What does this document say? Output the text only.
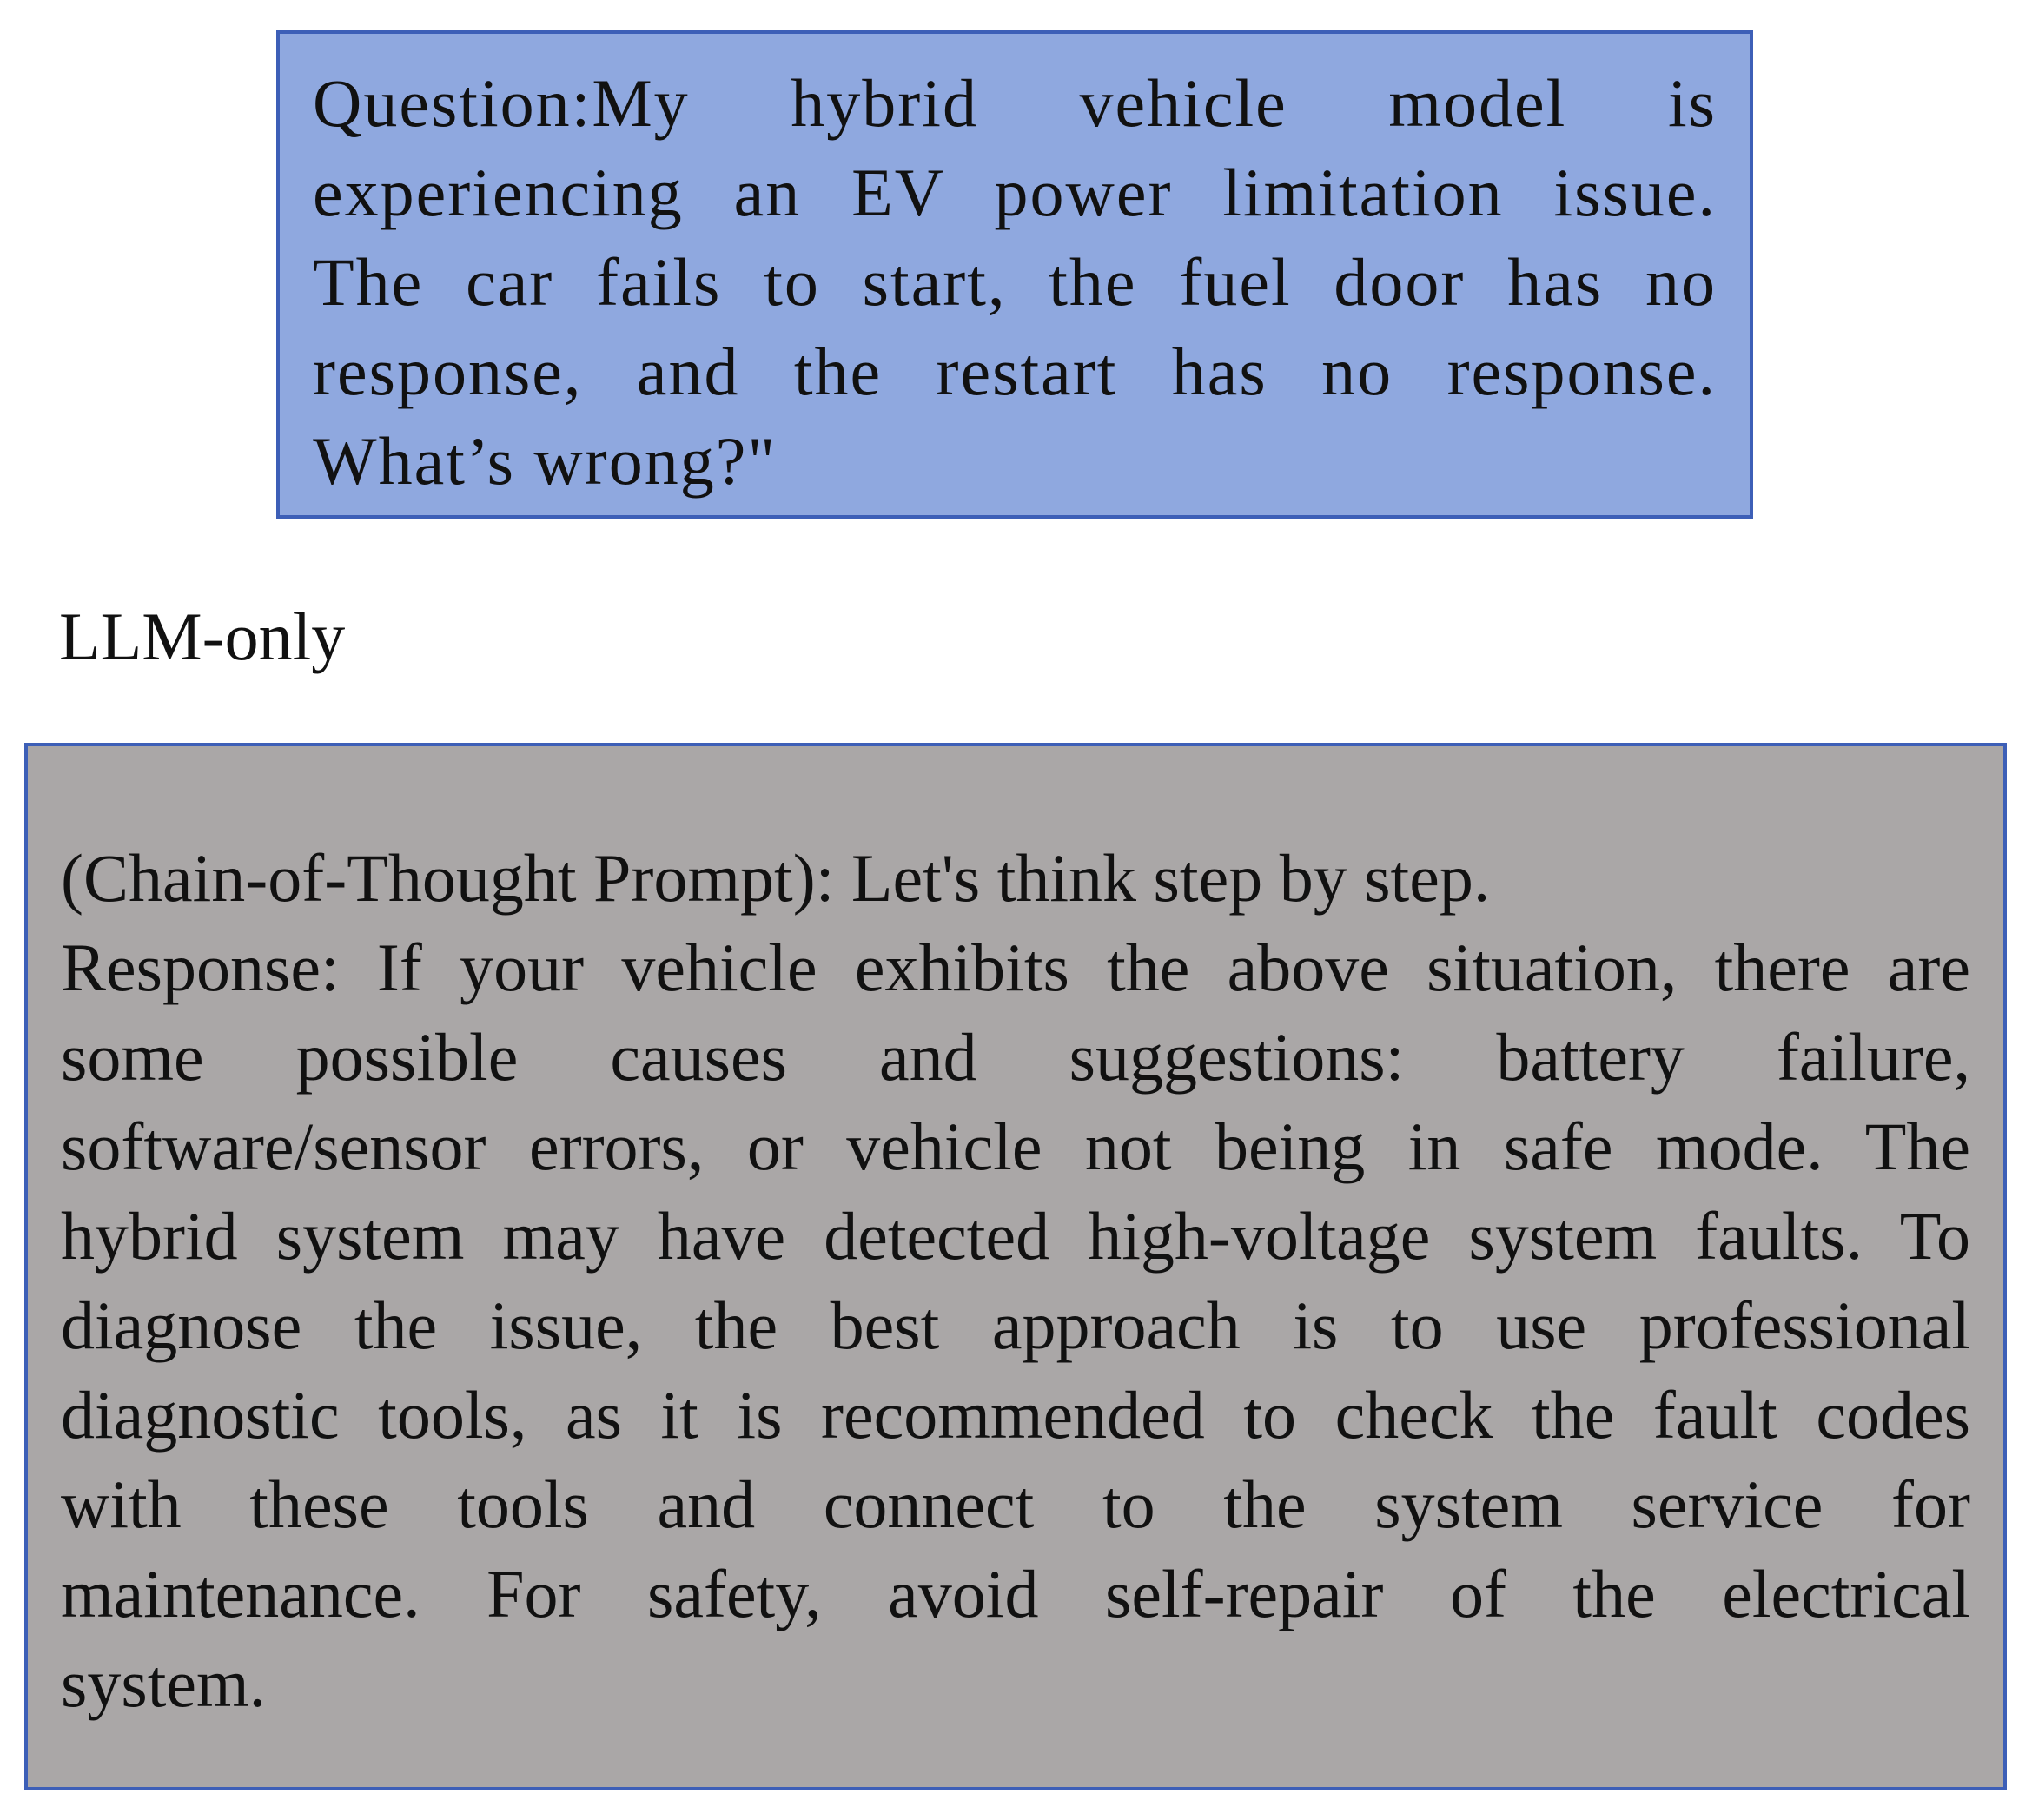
Question:My hybrid vehicle model is
experiencing an EV power limitation issue.
The car fails to start, the fuel door has no
response, and the restart has no response.
What’s wrong?"
LLM-only
(Chain-of-Thought Prompt): Let's think step by step.
Response: If your vehicle exhibits the above situation, there are
some possible causes and suggestions: battery failure,
software/sensor errors, or vehicle not being in safe mode. The
hybrid system may have detected high-voltage system faults. To
diagnose the issue, the best approach is to use professional
diagnostic tools, as it is recommended to check the fault codes
with these tools and connect to the system service for
maintenance. For safety, avoid self-repair of the electrical
system.
